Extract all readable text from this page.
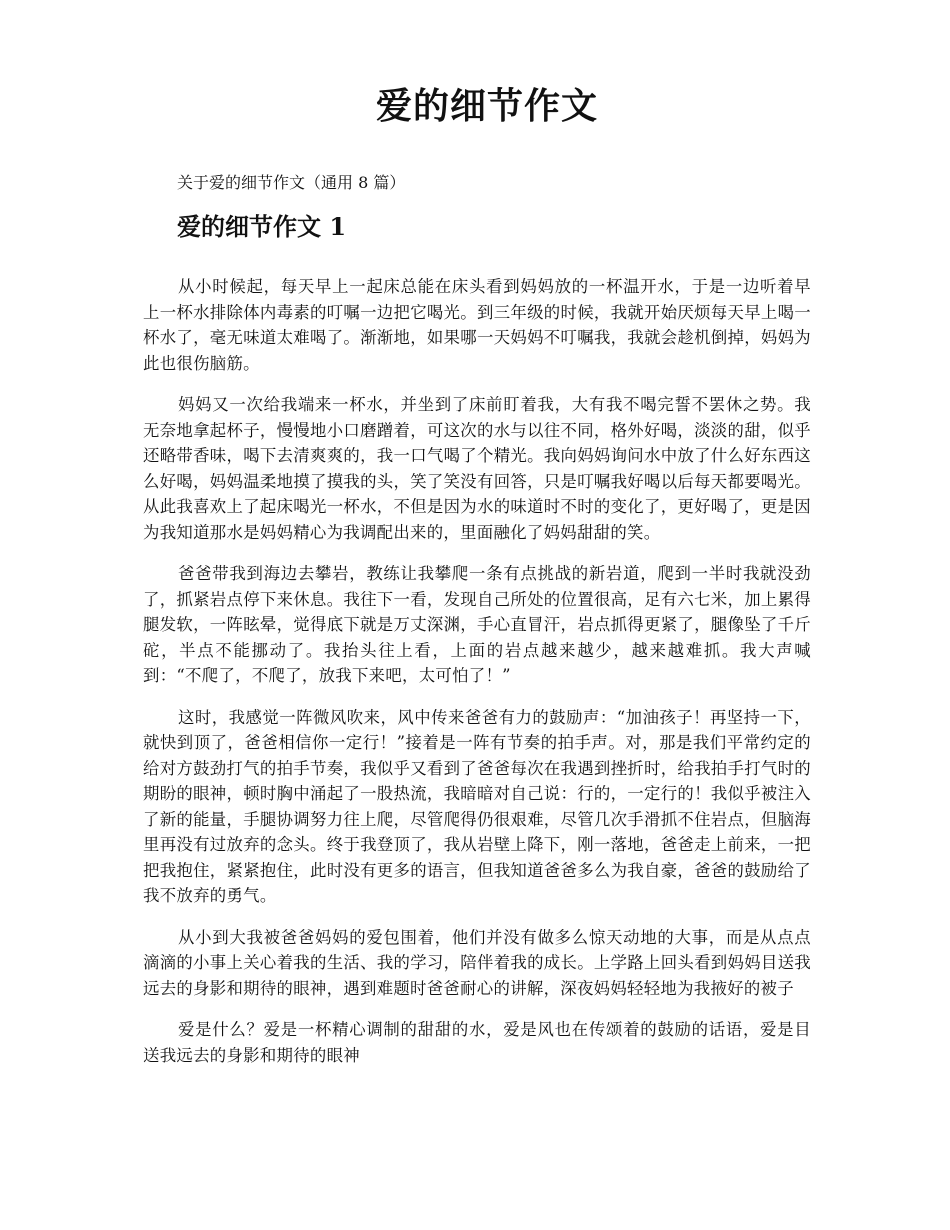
爱的细节作文

关于爱的细节作文（通用 8 篇）

爱的细节作文 1

从小时候起，每天早上一起床总能在床头看到妈妈放的一杯温开水，于是一边听着早上一杯水排除体内毒素的叮嘱一边把它喝光。到三年级的时候，我就开始厌烦每天早上喝一杯水了，毫无味道太难喝了。渐渐地，如果哪一天妈妈不叮嘱我，我就会趁机倒掉，妈妈为此也很伤脑筋。

妈妈又一次给我端来一杯水，并坐到了床前盯着我，大有我不喝完誓不罢休之势。我无奈地拿起杯子，慢慢地小口磨蹭着，可这次的水与以往不同，格外好喝，淡淡的甜，似乎还略带香味，喝下去清爽爽的，我一口气喝了个精光。我向妈妈询问水中放了什么好东西这么好喝，妈妈温柔地摸了摸我的头，笑了笑没有回答，只是叮嘱我好喝以后每天都要喝光。从此我喜欢上了起床喝光一杯水，不但是因为水的味道时不时的变化了，更好喝了，更是因为我知道那水是妈妈精心为我调配出来的，里面融化了妈妈甜甜的笑。

爸爸带我到海边去攀岩，教练让我攀爬一条有点挑战的新岩道，爬到一半时我就没劲了，抓紧岩点停下来休息。我往下一看，发现自己所处的位置很高，足有六七米，加上累得腿发软，一阵眩晕，觉得底下就是万丈深渊，手心直冒汗，岩点抓得更紧了，腿像坠了千斤砣，半点不能挪动了。我抬头往上看，上面的岩点越来越少，越来越难抓。我大声喊到：“不爬了，不爬了，放我下来吧，太可怕了！”

这时，我感觉一阵微风吹来，风中传来爸爸有力的鼓励声：“加油孩子！再坚持一下，就快到顶了，爸爸相信你一定行！”接着是一阵有节奏的拍手声。对，那是我们平常约定的给对方鼓劲打气的拍手节奏，我似乎又看到了爸爸每次在我遇到挫折时，给我拍手打气时的期盼的眼神，顿时胸中涌起了一股热流，我暗暗对自己说：行的，一定行的！我似乎被注入了新的能量，手腿协调努力往上爬，尽管爬得仍很艰难，尽管几次手滑抓不住岩点，但脑海里再没有过放弃的念头。终于我登顶了，我从岩壁上降下，刚一落地，爸爸走上前来，一把把我抱住，紧紧抱住，此时没有更多的语言，但我知道爸爸多么为我自豪，爸爸的鼓励给了我不放弃的勇气。

从小到大我被爸爸妈妈的爱包围着，他们并没有做多么惊天动地的大事，而是从点点滴滴的小事上关心着我的生活、我的学习，陪伴着我的成长。上学路上回头看到妈妈目送我远去的身影和期待的眼神，遇到难题时爸爸耐心的讲解，深夜妈妈轻轻地为我掖好的被子

爱是什么？爱是一杯精心调制的甜甜的水，爱是风也在传颂着的鼓励的话语，爱是目送我远去的身影和期待的眼神
